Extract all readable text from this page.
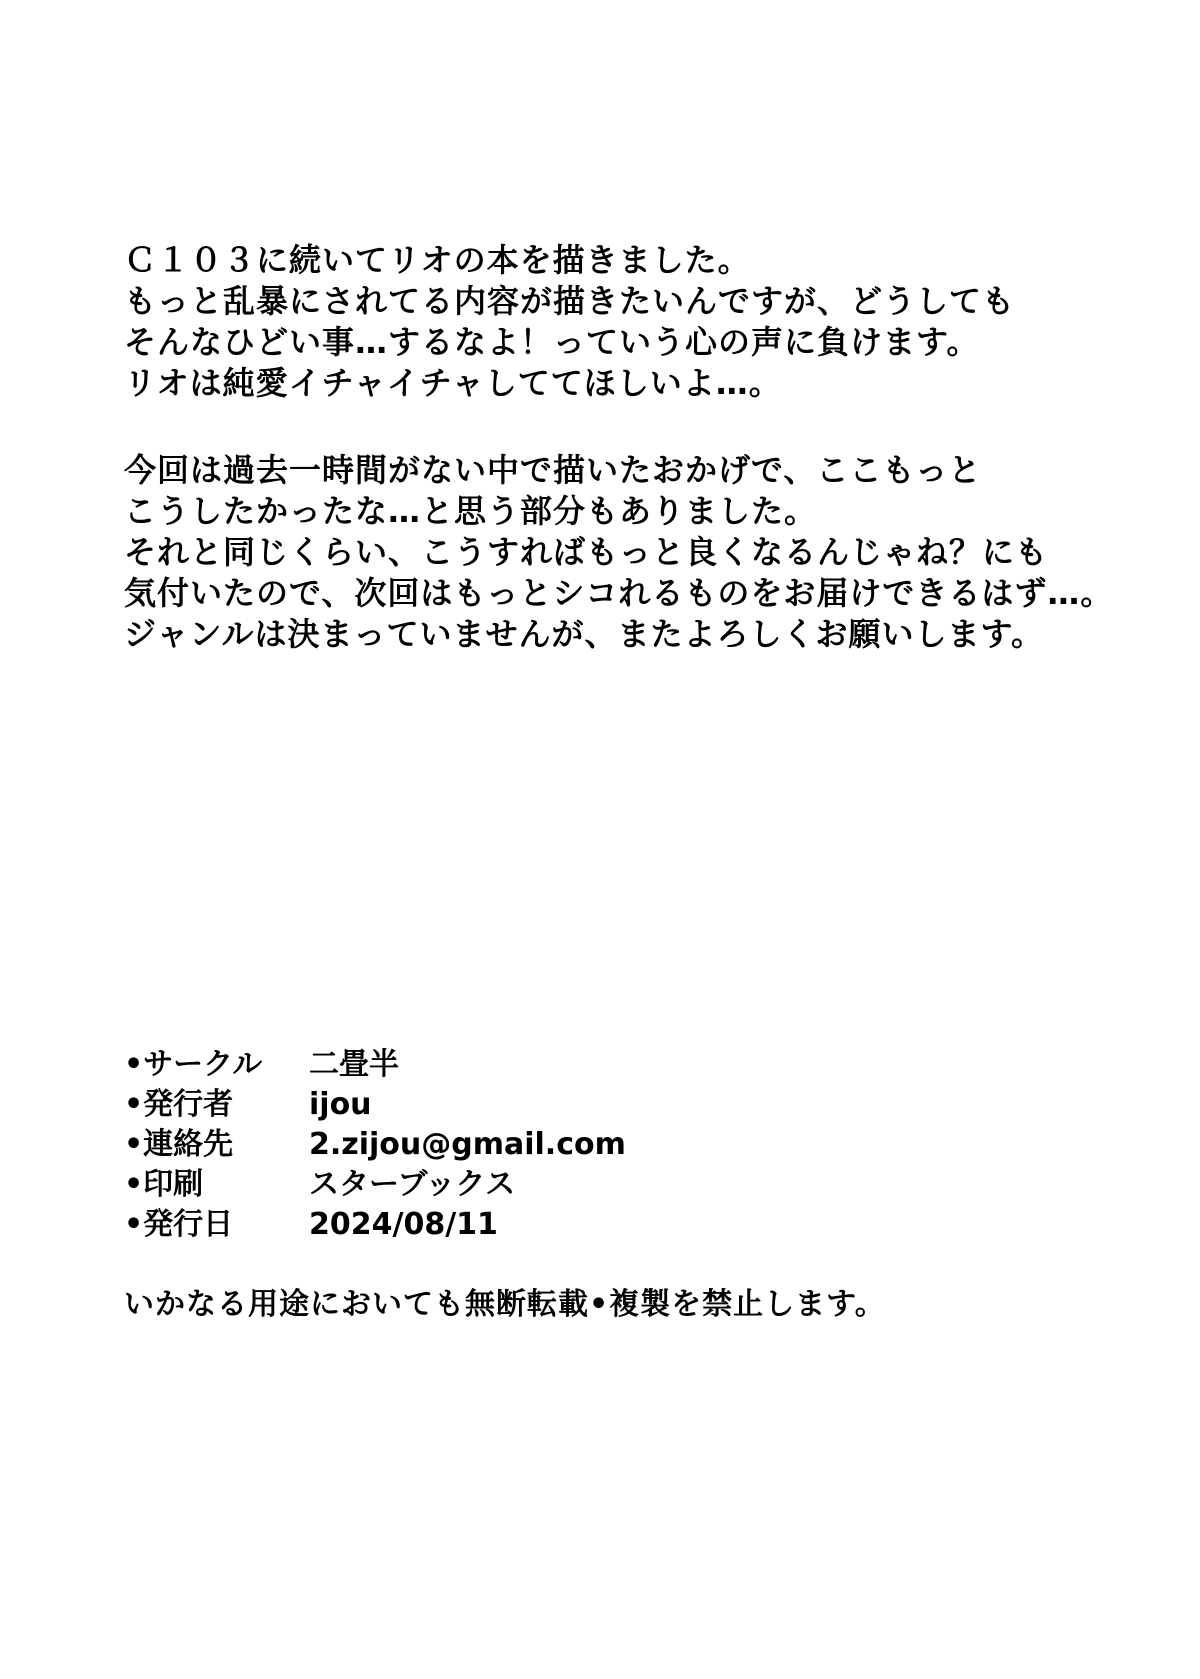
Ｃ１０３に続いてリオの本を描きました。
もっと乱暴にされてる内容が描きたいんですが、どうしても
そんなひどい事…するなよ！っていう心の声に負けます。
リオは純愛イチャイチャしててほしいよ…。
今回は過去一時間がない中で描いたおかげで、ここもっと
こうしたかったな…と思う部分もありました。
それと同じくらい、こうすればもっと良くなるんじゃね？にも
気付いたので、次回はもっとシコれるものをお届けできるはず…。
ジャンルは決まっていませんが、またよろしくお願いします。
•サークル	二畳半
•発行者	ijou
•連絡先	2.zijou@gmail.com
•印刷	スターブックス
•発行日	2024/08/11
いかなる用途においても無断転載•複製を禁止します。
